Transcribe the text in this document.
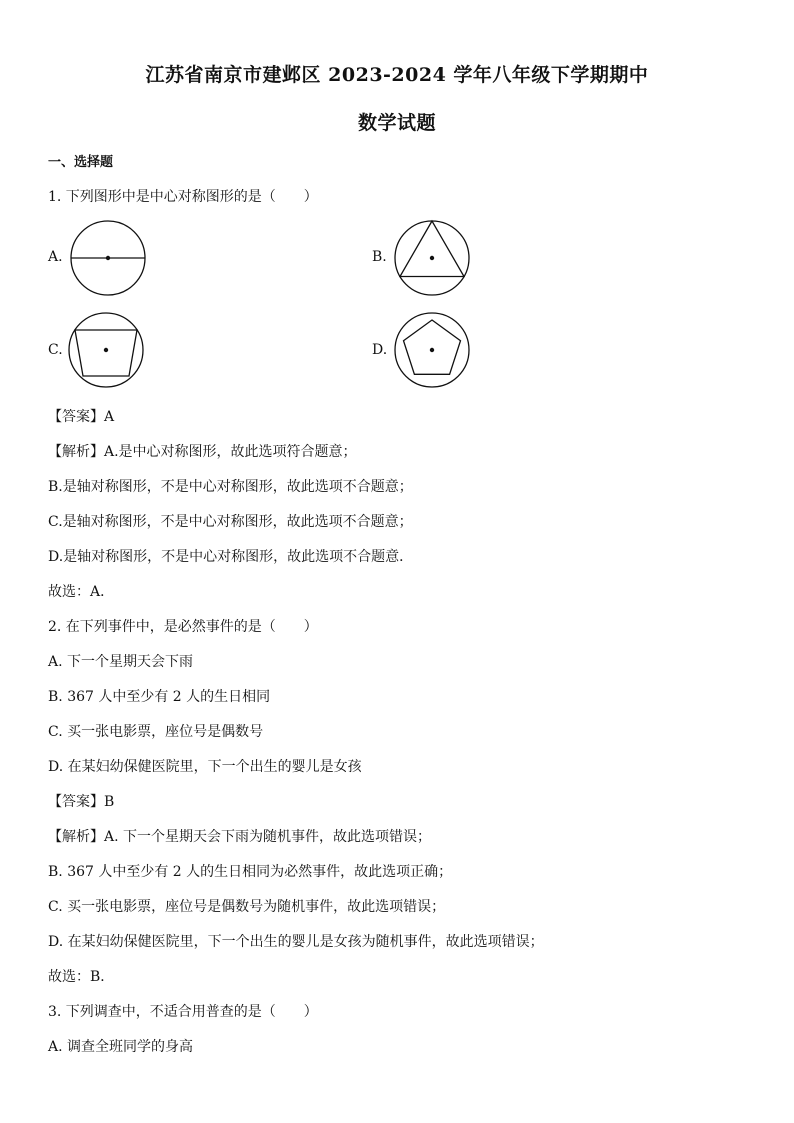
江苏省南京市建邺区 2023-2024 学年八年级下学期期中
数学试题
一、选择题
1. 下列图形中是中心对称图形的是（　　）
A.	B.
C.	D.
【答案】A
【解析】A.是中心对称图形，故此选项符合题意；
B.是轴对称图形，不是中心对称图形，故此选项不合题意；
C.是轴对称图形，不是中心对称图形，故此选项不合题意；
D.是轴对称图形，不是中心对称图形，故此选项不合题意．
故选：A．
2. 在下列事件中，是必然事件的是（　　）
A. 下一个星期天会下雨
B. 367 人中至少有 2 人的生日相同
C. 买一张电影票，座位号是偶数号
D. 在某妇幼保健医院里，下一个出生的婴儿是女孩
【答案】B
【解析】A. 下一个星期天会下雨为随机事件，故此选项错误；
B. 367 人中至少有 2 人的生日相同为必然事件，故此选项正确；
C. 买一张电影票，座位号是偶数号为随机事件，故此选项错误；
D. 在某妇幼保健医院里，下一个出生的婴儿是女孩为随机事件，故此选项错误；
故选：B．
3. 下列调查中，不适合用普查的是（　　）
A. 调查全班同学的身高
